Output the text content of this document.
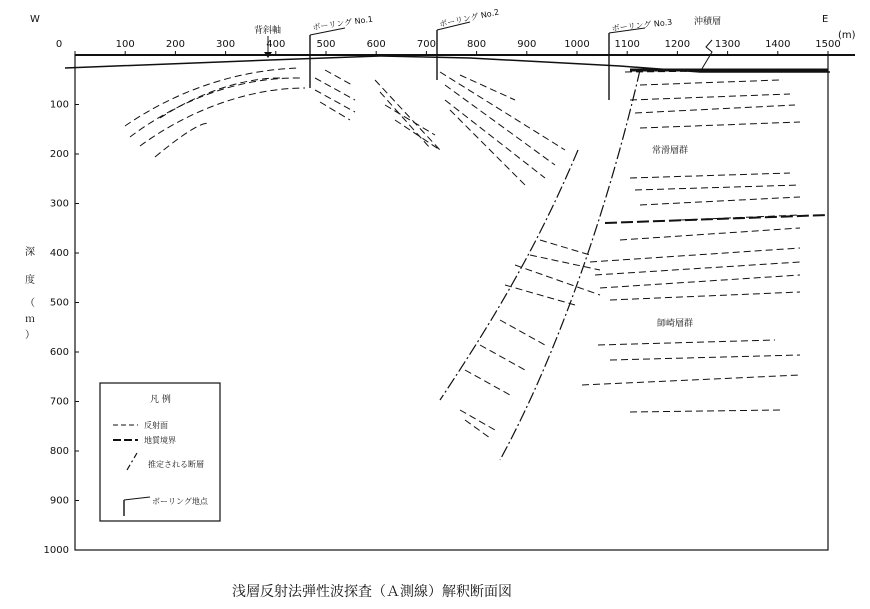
W	E
(m)
0	100	200	300	400	500	600	700	800	900	1000 1100 1200 1300 1400 1500
100
200
300
400
500
600
700
800
900
1000
深
度
（
ｍ
）
背斜軸	ボーリング No.1	ボーリング No.2	ボーリング No.3 沖積層
常滑層群
師崎層群
凡 例
反射面
地質境界
推定される断層
ボーリング地点
浅層反射法弾性波探査（Ａ測線）解釈断面図
